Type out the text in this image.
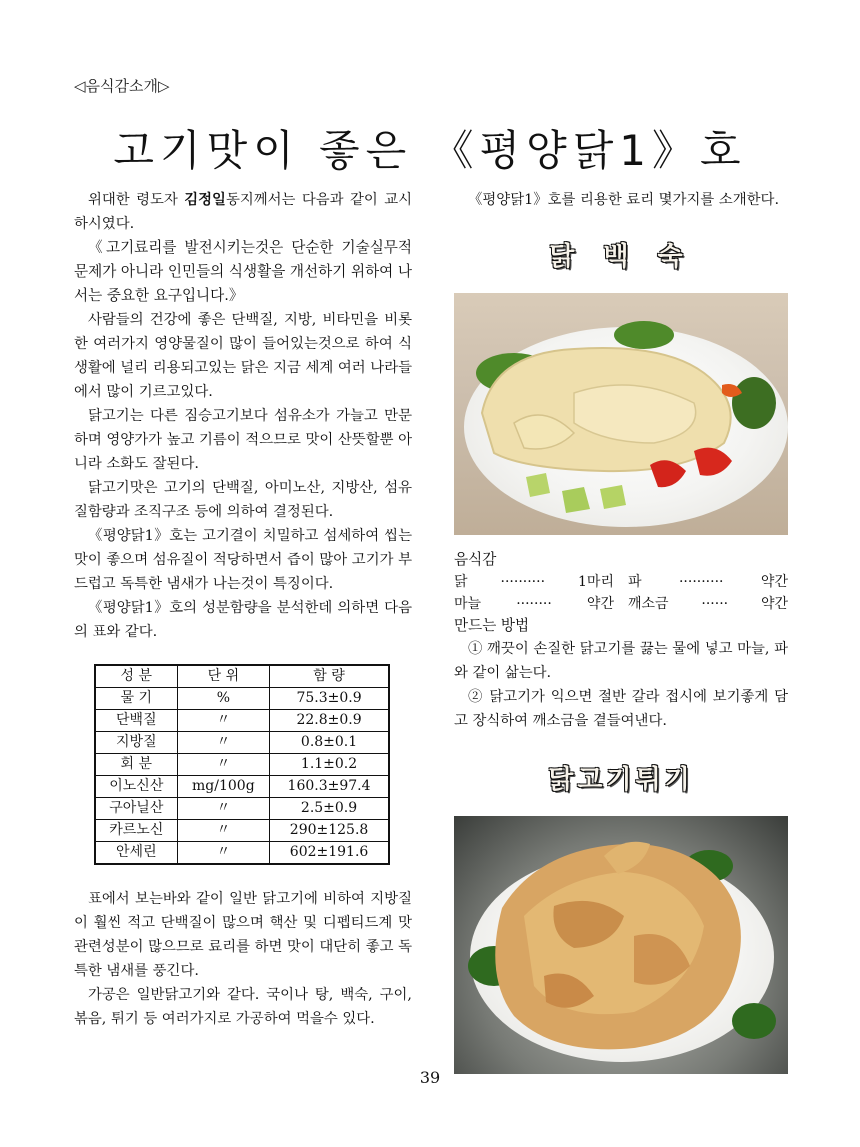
◁음식감소개▷
고기맛이 좋은 《평양닭1》호

위대한 령도자 김정일동지께서는 다음과 같이 교시하시였다.

《고기료리를 발전시키는것은 단순한 기술실무적문제가 아니라 인민들의 식생활을 개선하기 위하여 나서는 중요한 요구입니다.》

사람들의 건강에 좋은 단백질, 지방, 비타민을 비롯한 여러가지 영양물질이 많이 들어있는것으로 하여 식생활에 널리 리용되고있는 닭은 지금 세계 여러 나라들에서 많이 기르고있다.

닭고기는 다른 짐승고기보다 섬유소가 가늘고 만문하며 영양가가 높고 기름이 적으므로 맛이 산뜻할뿐 아니라 소화도 잘된다.

닭고기맛은 고기의 단백질, 아미노산, 지방산, 섬유질함량과 조직구조 등에 의하여 결정된다.

《평양닭1》호는 고기결이 치밀하고 섬세하여 씹는 맛이 좋으며 섬유질이 적당하면서 즙이 많아 고기가 부드럽고 독특한 냄새가 나는것이 특징이다.

《평양닭1》호의 성분함량을 분석한데 의하면 다음의 표와 같다.

성 분	단 위	함 량
물 기	%	75.3±0.9
단백질	〃	22.8±0.9
지방질	〃	0.8±0.1
회 분	〃	1.1±0.2
이노신산	mg/100g	160.3±97.4
구아닐산	〃	2.5±0.9
카르노신	〃	290±125.8
안세린	〃	602±191.6

표에서 보는바와 같이 일반 닭고기에 비하여 지방질이 훨씬 적고 단백질이 많으며 핵산 및 디펩티드계 맛관련성분이 많으므로 료리를 하면 맛이 대단히 좋고 독특한 냄새를 풍긴다.

가공은 일반닭고기와 같다. 국이나 탕, 백숙, 구이, 볶음, 튀기 등 여러가지로 가공하여 먹을수 있다.

《평양닭1》호를 리용한 료리 몇가지를 소개한다.

닭 백 숙
음식감
닭 ·········· 1마리 파	··········	약간
마늘	········	약간 깨소금 ······ 약간
만드는 방법

① 깨끗이 손질한 닭고기를 끓는 물에 넣고 마늘, 파와 같이 삶는다.

② 닭고기가 익으면 절반 갈라 접시에 보기좋게 담고 장식하여 깨소금을 곁들여낸다.

닭고기튀기
39
